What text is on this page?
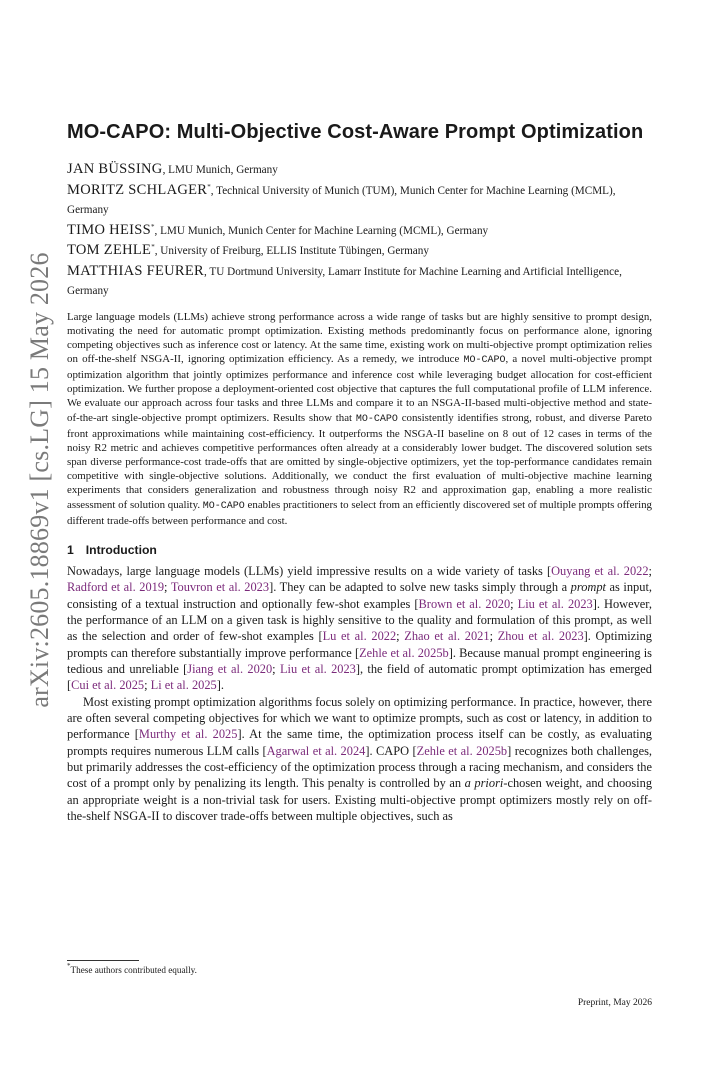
arXiv:2605.18869v1 [cs.LG] 15 May 2026
MO-CAPO: Multi-Objective Cost-Aware Prompt Optimization
JAN BÜSSING, LMU Munich, Germany
MORITZ SCHLAGER*, Technical University of Munich (TUM), Munich Center for Machine Learning (MCML), Germany
TIMO HEISS*, LMU Munich, Munich Center for Machine Learning (MCML), Germany
TOM ZEHLE*, University of Freiburg, ELLIS Institute Tübingen, Germany
MATTHIAS FEURER, TU Dortmund University, Lamarr Institute for Machine Learning and Artificial Intelligence, Germany

Large language models (LLMs) achieve strong performance across a wide range of tasks but are highly sensitive to prompt design, motivating the need for automatic prompt optimization. Existing methods predominantly focus on performance alone, ignoring competing objectives such as inference cost or latency. At the same time, existing work on multi-objective prompt optimization relies on off-the-shelf NSGA-II, ignoring optimization efficiency. As a remedy, we introduce MO-CAPO, a novel multi-objective prompt optimization algorithm that jointly optimizes performance and inference cost while leveraging budget allocation for cost-efficient optimization. We further propose a deployment-oriented cost objective that captures the full computational profile of LLM inference. We evaluate our approach across four tasks and three LLMs and compare it to an NSGA-II-based multi-objective method and state-of-the-art single-objective prompt optimizers. Results show that MO-CAPO consistently identifies strong, robust, and diverse Pareto front approximations while maintaining cost-efficiency. It outperforms the NSGA-II baseline on 8 out of 12 cases in terms of the noisy R2 metric and achieves competitive performances often already at a considerably lower budget. The discovered solution sets span diverse performance-cost trade-offs that are omitted by single-objective optimizers, yet the top-performance candidates remain competitive with single-objective solutions. Additionally, we conduct the first evaluation of multi-objective machine learning experiments that considers generalization and robustness through noisy R2 and approximation gap, enabling a more realistic assessment of solution quality. MO-CAPO enables practitioners to select from an efficiently discovered set of multiple prompts offering different trade-offs between performance and cost.

1 Introduction

Nowadays, large language models (LLMs) yield impressive results on a wide variety of tasks [Ouyang et al. 2022; Radford et al. 2019; Touvron et al. 2023]. They can be adapted to solve new tasks simply through a prompt as input, consisting of a textual instruction and optionally few-shot examples [Brown et al. 2020; Liu et al. 2023]. However, the performance of an LLM on a given task is highly sensitive to the quality and formulation of this prompt, as well as the selection and order of few-shot examples [Lu et al. 2022; Zhao et al. 2021; Zhou et al. 2023]. Optimizing prompts can therefore substantially improve performance [Zehle et al. 2025b]. Because manual prompt engineering is tedious and unreliable [Jiang et al. 2020; Liu et al. 2023], the field of automatic prompt optimization has emerged [Cui et al. 2025; Li et al. 2025].

Most existing prompt optimization algorithms focus solely on optimizing performance. In practice, however, there are often several competing objectives for which we want to optimize prompts, such as cost or latency, in addition to performance [Murthy et al. 2025]. At the same time, the optimization process itself can be costly, as evaluating prompts requires numerous LLM calls [Agarwal et al. 2024]. CAPO [Zehle et al. 2025b] recognizes both challenges, but primarily addresses the cost-efficiency of the optimization process through a racing mechanism, and considers the cost of a prompt only by penalizing its length. This penalty is controlled by an a priori-chosen weight, and choosing an appropriate weight is a non-trivial task for users. Existing multi-objective prompt optimizers mostly rely on off-the-shelf NSGA-II to discover trade-offs between multiple objectives, such as

*These authors contributed equally.
Preprint, May 2026
